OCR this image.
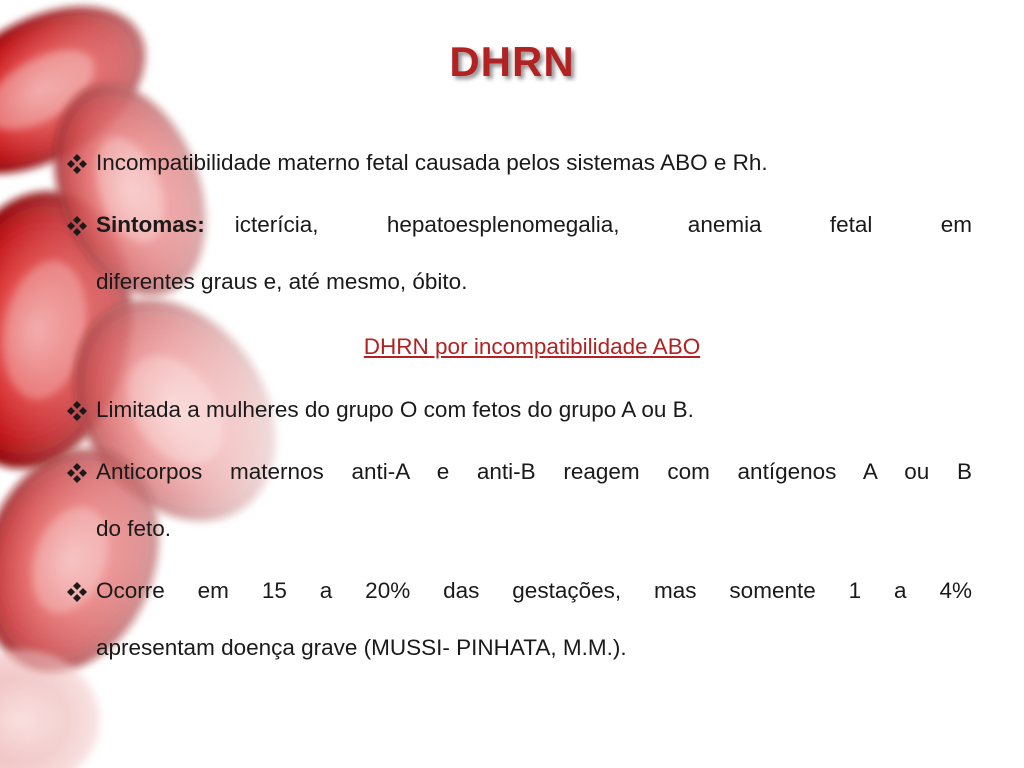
DHRN
Incompatibilidade materno fetal causada pelos sistemas ABO e Rh.
Sintomas: icterícia, hepatoesplenomegalia, anemia fetal em
diferentes graus e, até mesmo, óbito.
DHRN por incompatibilidade ABO
Limitada a mulheres do grupo O com fetos do grupo A ou B.
Anticorpos maternos anti-A e anti-B reagem com antígenos A ou B
do feto.
Ocorre em 15 a 20% das gestações, mas somente 1 a 4%
apresentam doença grave (MUSSI- PINHATA, M.M.).
